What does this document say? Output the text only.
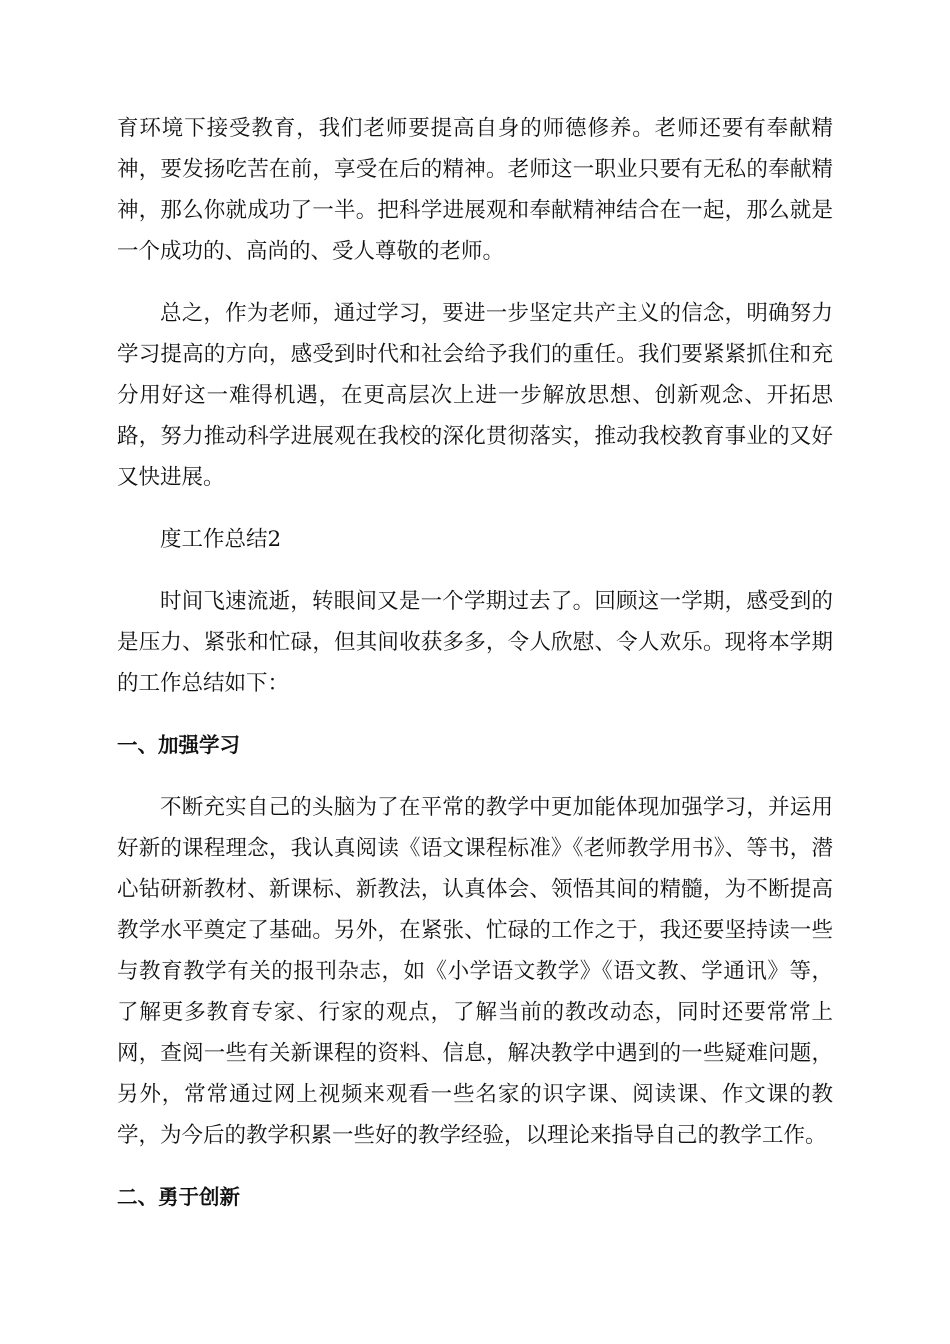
育环境下接受教育，我们老师要提高自身的师德修养。老师还要有奉献精神，要发扬吃苦在前，享受在后的精神。老师这一职业只要有无私的奉献精神，那么你就成功了一半。把科学进展观和奉献精神结合在一起，那么就是一个成功的、高尚的、受人尊敬的老师。

总之，作为老师，通过学习，要进一步坚定共产主义的信念，明确努力学习提高的方向，感受到时代和社会给予我们的重任。我们要紧紧抓住和充分用好这一难得机遇，在更高层次上进一步解放思想、创新观念、开拓思路，努力推动科学进展观在我校的深化贯彻落实，推动我校教育事业的又好又快进展。

度工作总结2

时间飞速流逝，转眼间又是一个学期过去了。回顾这一学期，感受到的是压力、紧张和忙碌，但其间收获多多，令人欣慰、令人欢乐。现将本学期的工作总结如下：

一、加强学习

不断充实自己的头脑为了在平常的教学中更加能体现加强学习，并运用好新的课程理念，我认真阅读《语文课程标准》《老师教学用书》、等书，潜心钻研新教材、新课标、新教法，认真体会、领悟其间的精髓，为不断提高教学水平奠定了基础。另外，在紧张、忙碌的工作之于，我还要坚持读一些与教育教学有关的报刊杂志，如《小学语文教学》《语文教、学通讯》等，了解更多教育专家、行家的观点，了解当前的教改动态，同时还要常常上网，查阅一些有关新课程的资料、信息，解决教学中遇到的一些疑难问题，另外，常常通过网上视频来观看一些名家的识字课、阅读课、作文课的教学，为今后的教学积累一些好的教学经验，以理论来指导自己的教学工作。

二、勇于创新
